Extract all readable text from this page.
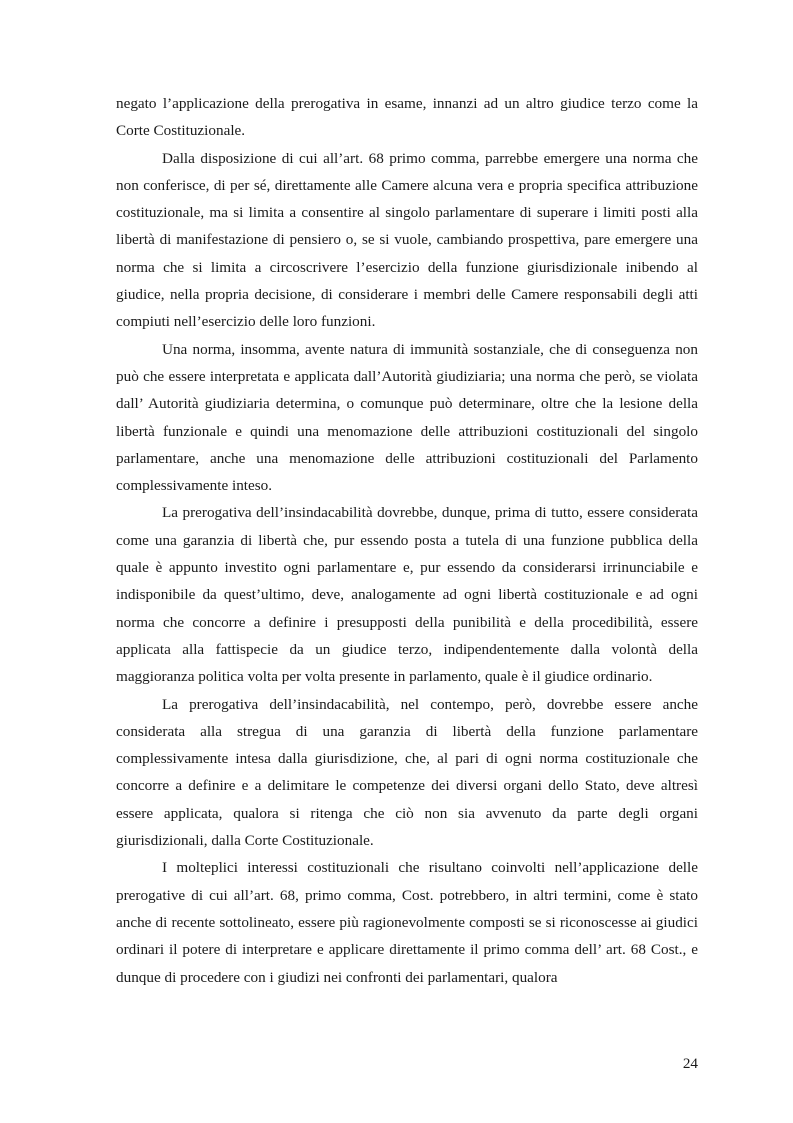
negato l’applicazione della prerogativa in esame, innanzi ad un altro giudice terzo come la Corte Costituzionale.

Dalla disposizione di cui all’art. 68 primo comma, parrebbe emergere una norma che non conferisce, di per sé, direttamente alle Camere alcuna vera e propria specifica attribuzione costituzionale, ma si limita a consentire al singolo parlamentare di superare i limiti posti alla libertà di manifestazione di pensiero o, se si vuole, cambiando prospettiva, pare emergere una norma che si limita a circoscrivere l’esercizio della funzione giurisdizionale inibendo al giudice, nella propria decisione, di considerare i membri delle Camere responsabili degli atti compiuti nell’esercizio delle loro funzioni.

Una norma, insomma, avente natura di immunità sostanziale, che di conseguenza non può che essere interpretata e applicata dall’Autorità giudiziaria; una norma che però, se violata dall’ Autorità giudiziaria determina, o comunque può determinare, oltre che la lesione della libertà funzionale e quindi una menomazione delle attribuzioni costituzionali del singolo parlamentare, anche una menomazione delle attribuzioni costituzionali del Parlamento complessivamente inteso.

La prerogativa dell’insindacabilità dovrebbe, dunque, prima di tutto, essere considerata come una garanzia di libertà che, pur essendo posta a tutela di una funzione pubblica della quale è appunto investito ogni parlamentare e, pur essendo da considerarsi irrinunciabile e indisponibile da quest’ultimo, deve, analogamente ad ogni libertà costituzionale e ad ogni norma che concorre a definire i presupposti della punibilità e della procedibilità, essere applicata alla fattispecie da un giudice terzo, indipendentemente dalla volontà della maggioranza politica volta per volta presente in parlamento, quale è il giudice ordinario.

La prerogativa dell’insindacabilità, nel contempo, però, dovrebbe essere anche considerata alla stregua di una garanzia di libertà della funzione parlamentare complessivamente intesa dalla giurisdizione, che, al pari di ogni norma costituzionale che concorre a definire e a delimitare le competenze dei diversi organi dello Stato, deve altresì essere applicata, qualora si ritenga che ciò non sia avvenuto da parte degli organi giurisdizionali, dalla Corte Costituzionale.

I molteplici interessi costituzionali che risultano coinvolti nell’applicazione delle prerogative di cui all’art. 68, primo comma, Cost. potrebbero, in altri termini, come è stato anche di recente sottolineato, essere più ragionevolmente composti se si riconoscesse ai giudici ordinari il potere di interpretare e applicare direttamente il primo comma dell’ art. 68 Cost., e dunque di procedere con i giudizi nei confronti dei parlamentari, qualora

24
